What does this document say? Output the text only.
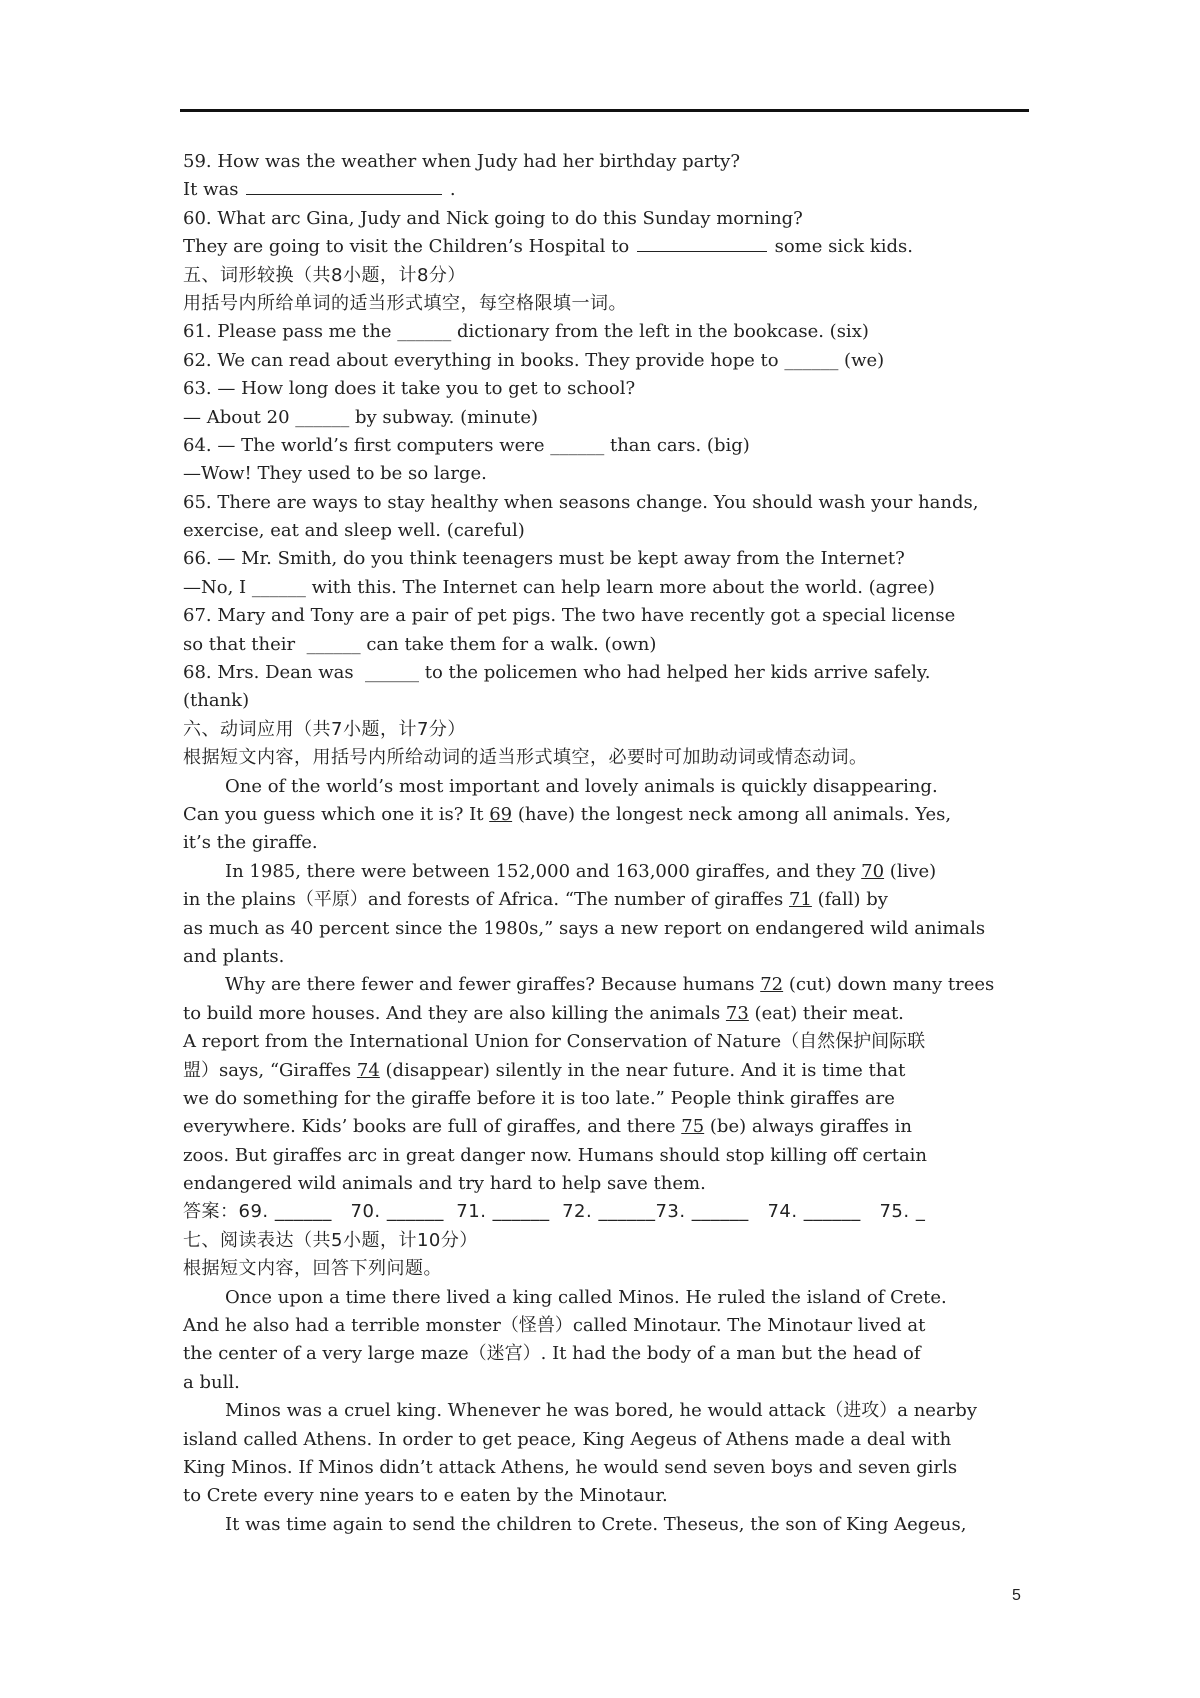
59. How was the weather when Judy had her birthday party?
It was	.
60. What arc Gina, Judy and Nick going to do this Sunday morning?
They are going to visit the Children’s Hospital to	some sick kids.
五、词形较换（共8小题，计8分）
用括号内所给单词的适当形式填空，每空格限填一词。
61. Please pass me the ______ dictionary from the left in the bookcase. (six)
62. We can read about everything in books. They provide hope to ______ (we)
63. — How long does it take you to get to school?
— About 20 ______ by subway. (minute)
64. — The world’s first computers were ______ than cars. (big)
—Wow! They used to be so large.
65. There are ways to stay healthy when seasons change. You should wash your hands,
exercise, eat and sleep well. (careful)
66. — Mr. Smith, do you think teenagers must be kept away from the Internet?
—No, I ______ with this. The Internet can help learn more about the world. (agree)
67. Mary and Tony are a pair of pet pigs. The two have recently got a special license
so that their  ______ can take them for a walk. (own)
68. Mrs. Dean was  ______ to the policemen who had helped her kids arrive safely.
(thank)
六、动词应用（共7小题，计7分）
根据短文内容，用括号内所给动词的适当形式填空，必要时可加助动词或情态动词。
One of the world’s most important and lovely animals is quickly disappearing.
Can you guess which one it is? It 69 (have) the longest neck among all animals. Yes,
it’s the giraffe.
In 1985, there were between 152,000 and 163,000 giraffes, and they 70 (live)
in the plains（平原）and forests of Africa. “The number of giraffes 71 (fall) by
as much as 40 percent since the 1980s,” says a new report on endangered wild animals
and plants.
Why are there fewer and fewer giraffes? Because humans 72 (cut) down many trees
to build more houses. And they are also killing the animals 73 (eat) their meat.
A report from the International Union for Conservation of Nature（自然保护间际联
盟）says, “Giraffes 74 (disappear) silently in the near future. And it is time that
we do something for the giraffe before it is too late.” People think giraffes are
everywhere. Kids’ books are full of giraffes, and there 75 (be) always giraffes in
zoos. But giraffes arc in great danger now. Humans should stop killing off certain
endangered wild animals and try hard to help save them.
答案：69. ______   70. ______  71. ______  72. ______73. ______   74. ______   75. _
七、阅读表达（共5小题，计10分）
根据短文内容，回答下列问题。
Once upon a time there lived a king called Minos. He ruled the island of Crete.
And he also had a terrible monster（怪兽）called Minotaur. The Minotaur lived at
the center of a very large maze（迷宫）. It had the body of a man but the head of
a bull.
Minos was a cruel king. Whenever he was bored, he would attack（进攻）a nearby
island called Athens. In order to get peace, King Aegeus of Athens made a deal with
King Minos. If Minos didn’t attack Athens, he would send seven boys and seven girls
to Crete every nine years to e eaten by the Minotaur.
It was time again to send the children to Crete. Theseus, the son of King Aegeus,
5
